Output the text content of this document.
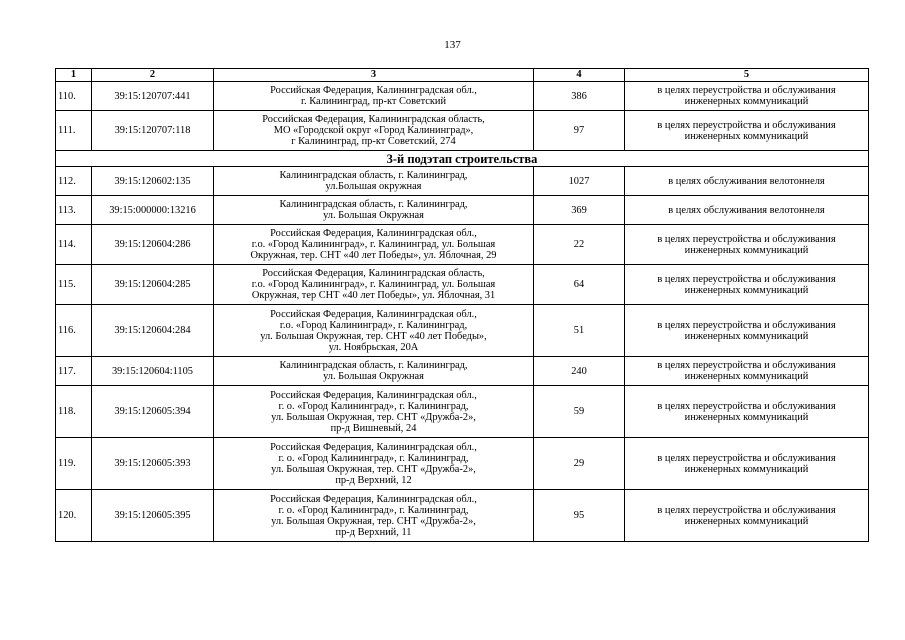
137
1	2	3	4	5
110.	39:15:120707:441	Российская Федерация, Калининградская обл.,
г. Калининград, пр-кт Советский	386	в целях переустройства и обслуживания
инженерных коммуникаций

111.	39:15:120707:118	Российская Федерация, Калининградская область,
МО «Городской округ «Город Калининград»,
г Калининград, пр-кт Советский, 274	97	в целях переустройства и обслуживания
инженерных коммуникаций

3-й подэтап строительства				
112.	39:15:120602:135	Калининградская область, г. Калининград,
ул.Большая окружная	1027	в целях обслуживания велотоннеля

113.	39:15:000000:13216	Калининградская область, г. Калининград,
ул. Большая Окружная	369	в целях обслуживания велотоннеля

114.	39:15:120604:286	Российская Федерация, Калининградская обл.,
г.о. «Город Калининград», г. Калининград, ул. Большая
Окружная, тер. СНТ «40 лет Победы», ул. Яблочная, 29	22	в целях переустройства и обслуживания
инженерных коммуникаций

115.	39:15:120604:285	Российская Федерация, Калининградская область,
г.о. «Город Калининград», г. Калининград, ул. Большая
Окружная, тер СНТ «40 лет Победы», ул. Яблочная, 31	64	в целях переустройства и обслуживания
инженерных коммуникаций

116.	39:15:120604:284	Российская Федерация, Калининградская обл.,
г.о. «Город Калининград», г. Калининград,
ул. Большая Окружная, тер. СНТ «40 лет Победы»,
ул. Ноябрьская, 20А	51	в целях переустройства и обслуживания
инженерных коммуникаций

117.	39:15:120604:1105	Калининградская область, г. Калининград,
ул. Большая Окружная	240	в целях переустройства и обслуживания
инженерных коммуникаций

118.	39:15:120605:394	Российская Федерация, Калининградская обл.,
г. о. «Город Калининград», г. Калининград,
ул. Большая Окружная, тер. СНТ «Дружба-2»,
пр-д Вишневый, 24	59	в целях переустройства и обслуживания
инженерных коммуникаций

119.	39:15:120605:393	Российская Федерация, Калининградская обл.,
г. о. «Город Калининград», г. Калининград,
ул. Большая Окружная, тер. СНТ «Дружба-2»,
пр-д Верхний, 12	29	в целях переустройства и обслуживания
инженерных коммуникаций

120.	39:15:120605:395	Российская Федерация, Калининградская обл.,
г. о. «Город Калининград», г. Калининград,
ул. Большая Окружная, тер. СНТ «Дружба-2»,
пр-д Верхний, 11	95	в целях переустройства и обслуживания
инженерных коммуникаций
